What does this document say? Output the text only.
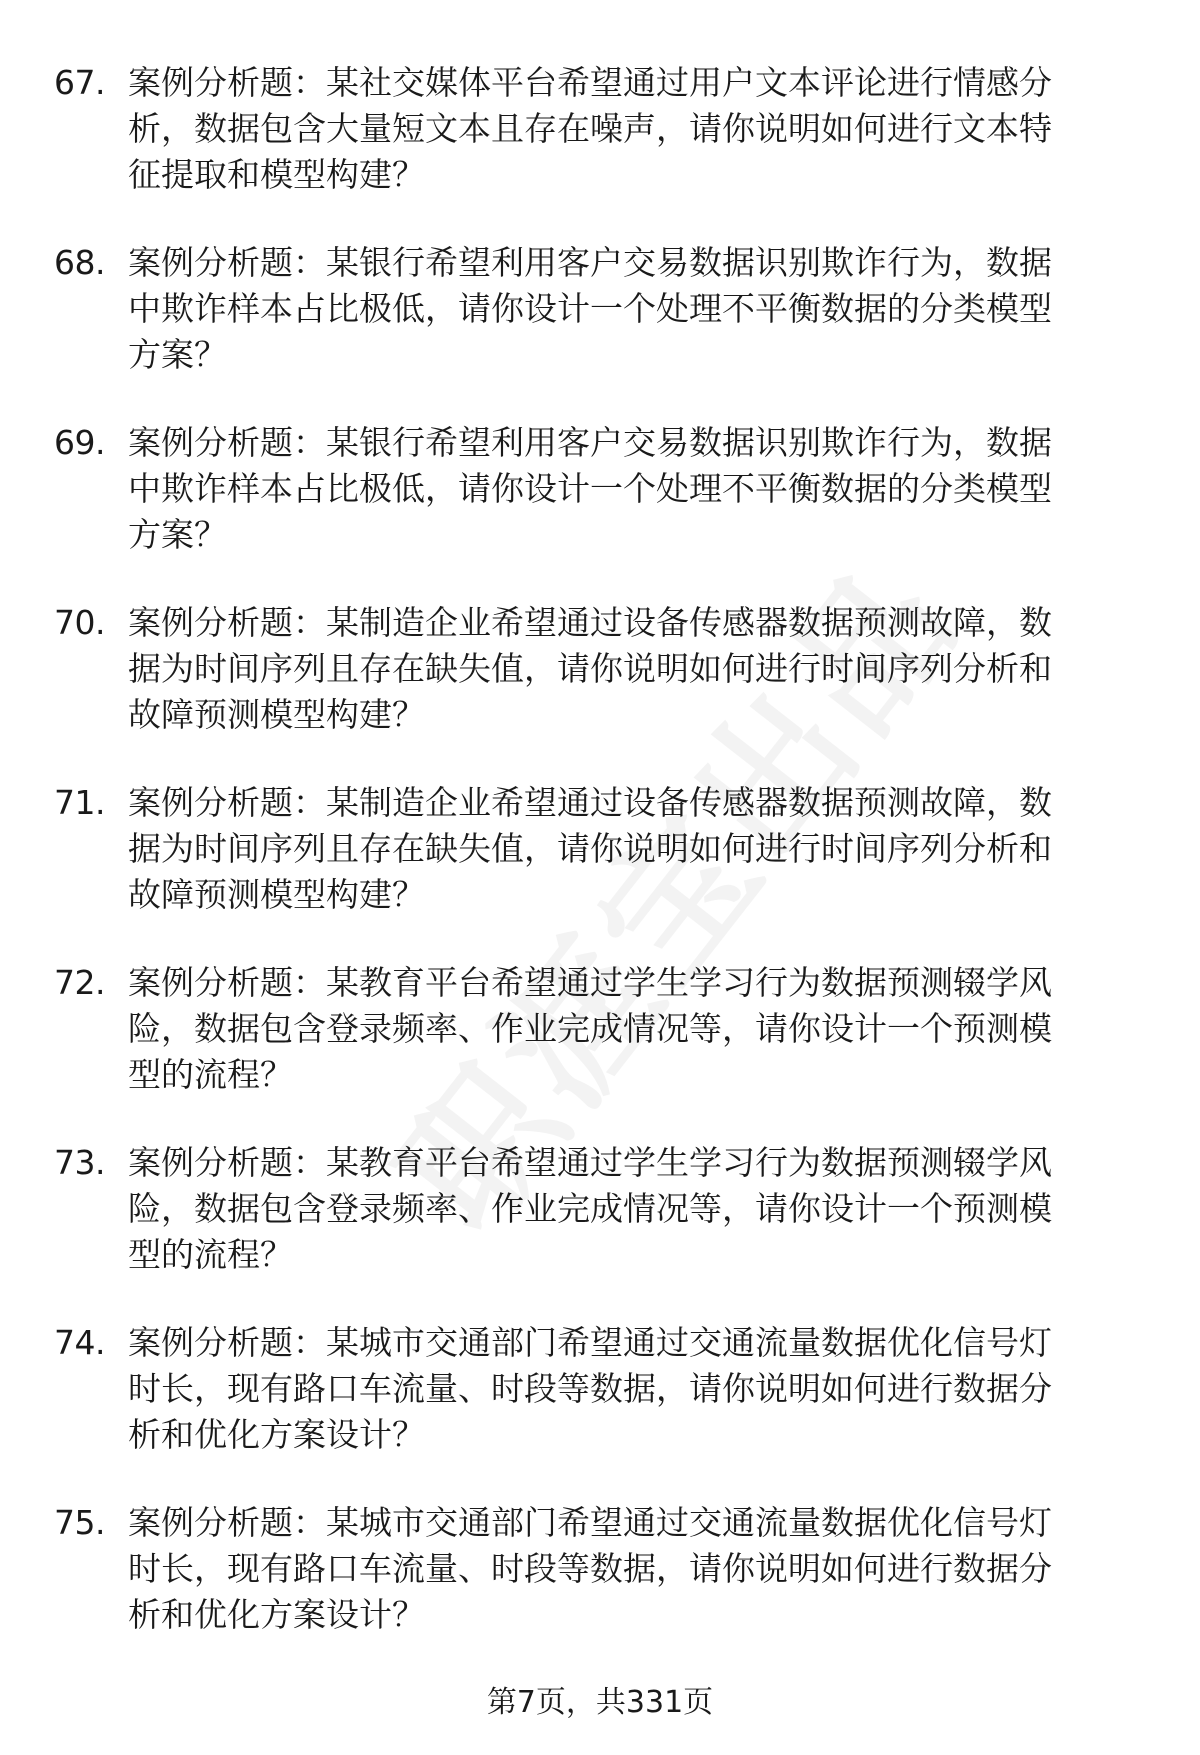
67. 案例分析题：某社交媒体平台希望通过用户文本评论进行情感分
析，数据包含大量短文本且存在噪声，请你说明如何进行文本特
征提取和模型构建？
68. 案例分析题：某银行希望利用客户交易数据识别欺诈行为，数据
中欺诈样本占比极低，请你设计一个处理不平衡数据的分类模型
方案？
69. 案例分析题：某银行希望利用客户交易数据识别欺诈行为，数据
中欺诈样本占比极低，请你设计一个处理不平衡数据的分类模型
方案？
70. 案例分析题：某制造企业希望通过设备传感器数据预测故障，数
据为时间序列且存在缺失值，请你说明如何进行时间序列分析和
故障预测模型构建？
71. 案例分析题：某制造企业希望通过设备传感器数据预测故障，数
据为时间序列且存在缺失值，请你说明如何进行时间序列分析和
故障预测模型构建？
72. 案例分析题：某教育平台希望通过学生学习行为数据预测辍学风
险，数据包含登录频率、作业完成情况等，请你设计一个预测模
型的流程？
73. 案例分析题：某教育平台希望通过学生学习行为数据预测辍学风
险，数据包含登录频率、作业完成情况等，请你设计一个预测模
型的流程？
74. 案例分析题：某城市交通部门希望通过交通流量数据优化信号灯
时长，现有路口车流量、时段等数据，请你说明如何进行数据分
析和优化方案设计？
75. 案例分析题：某城市交通部门希望通过交通流量数据优化信号灯
时长，现有路口车流量、时段等数据，请你说明如何进行数据分
析和优化方案设计？
第7页，共331页
